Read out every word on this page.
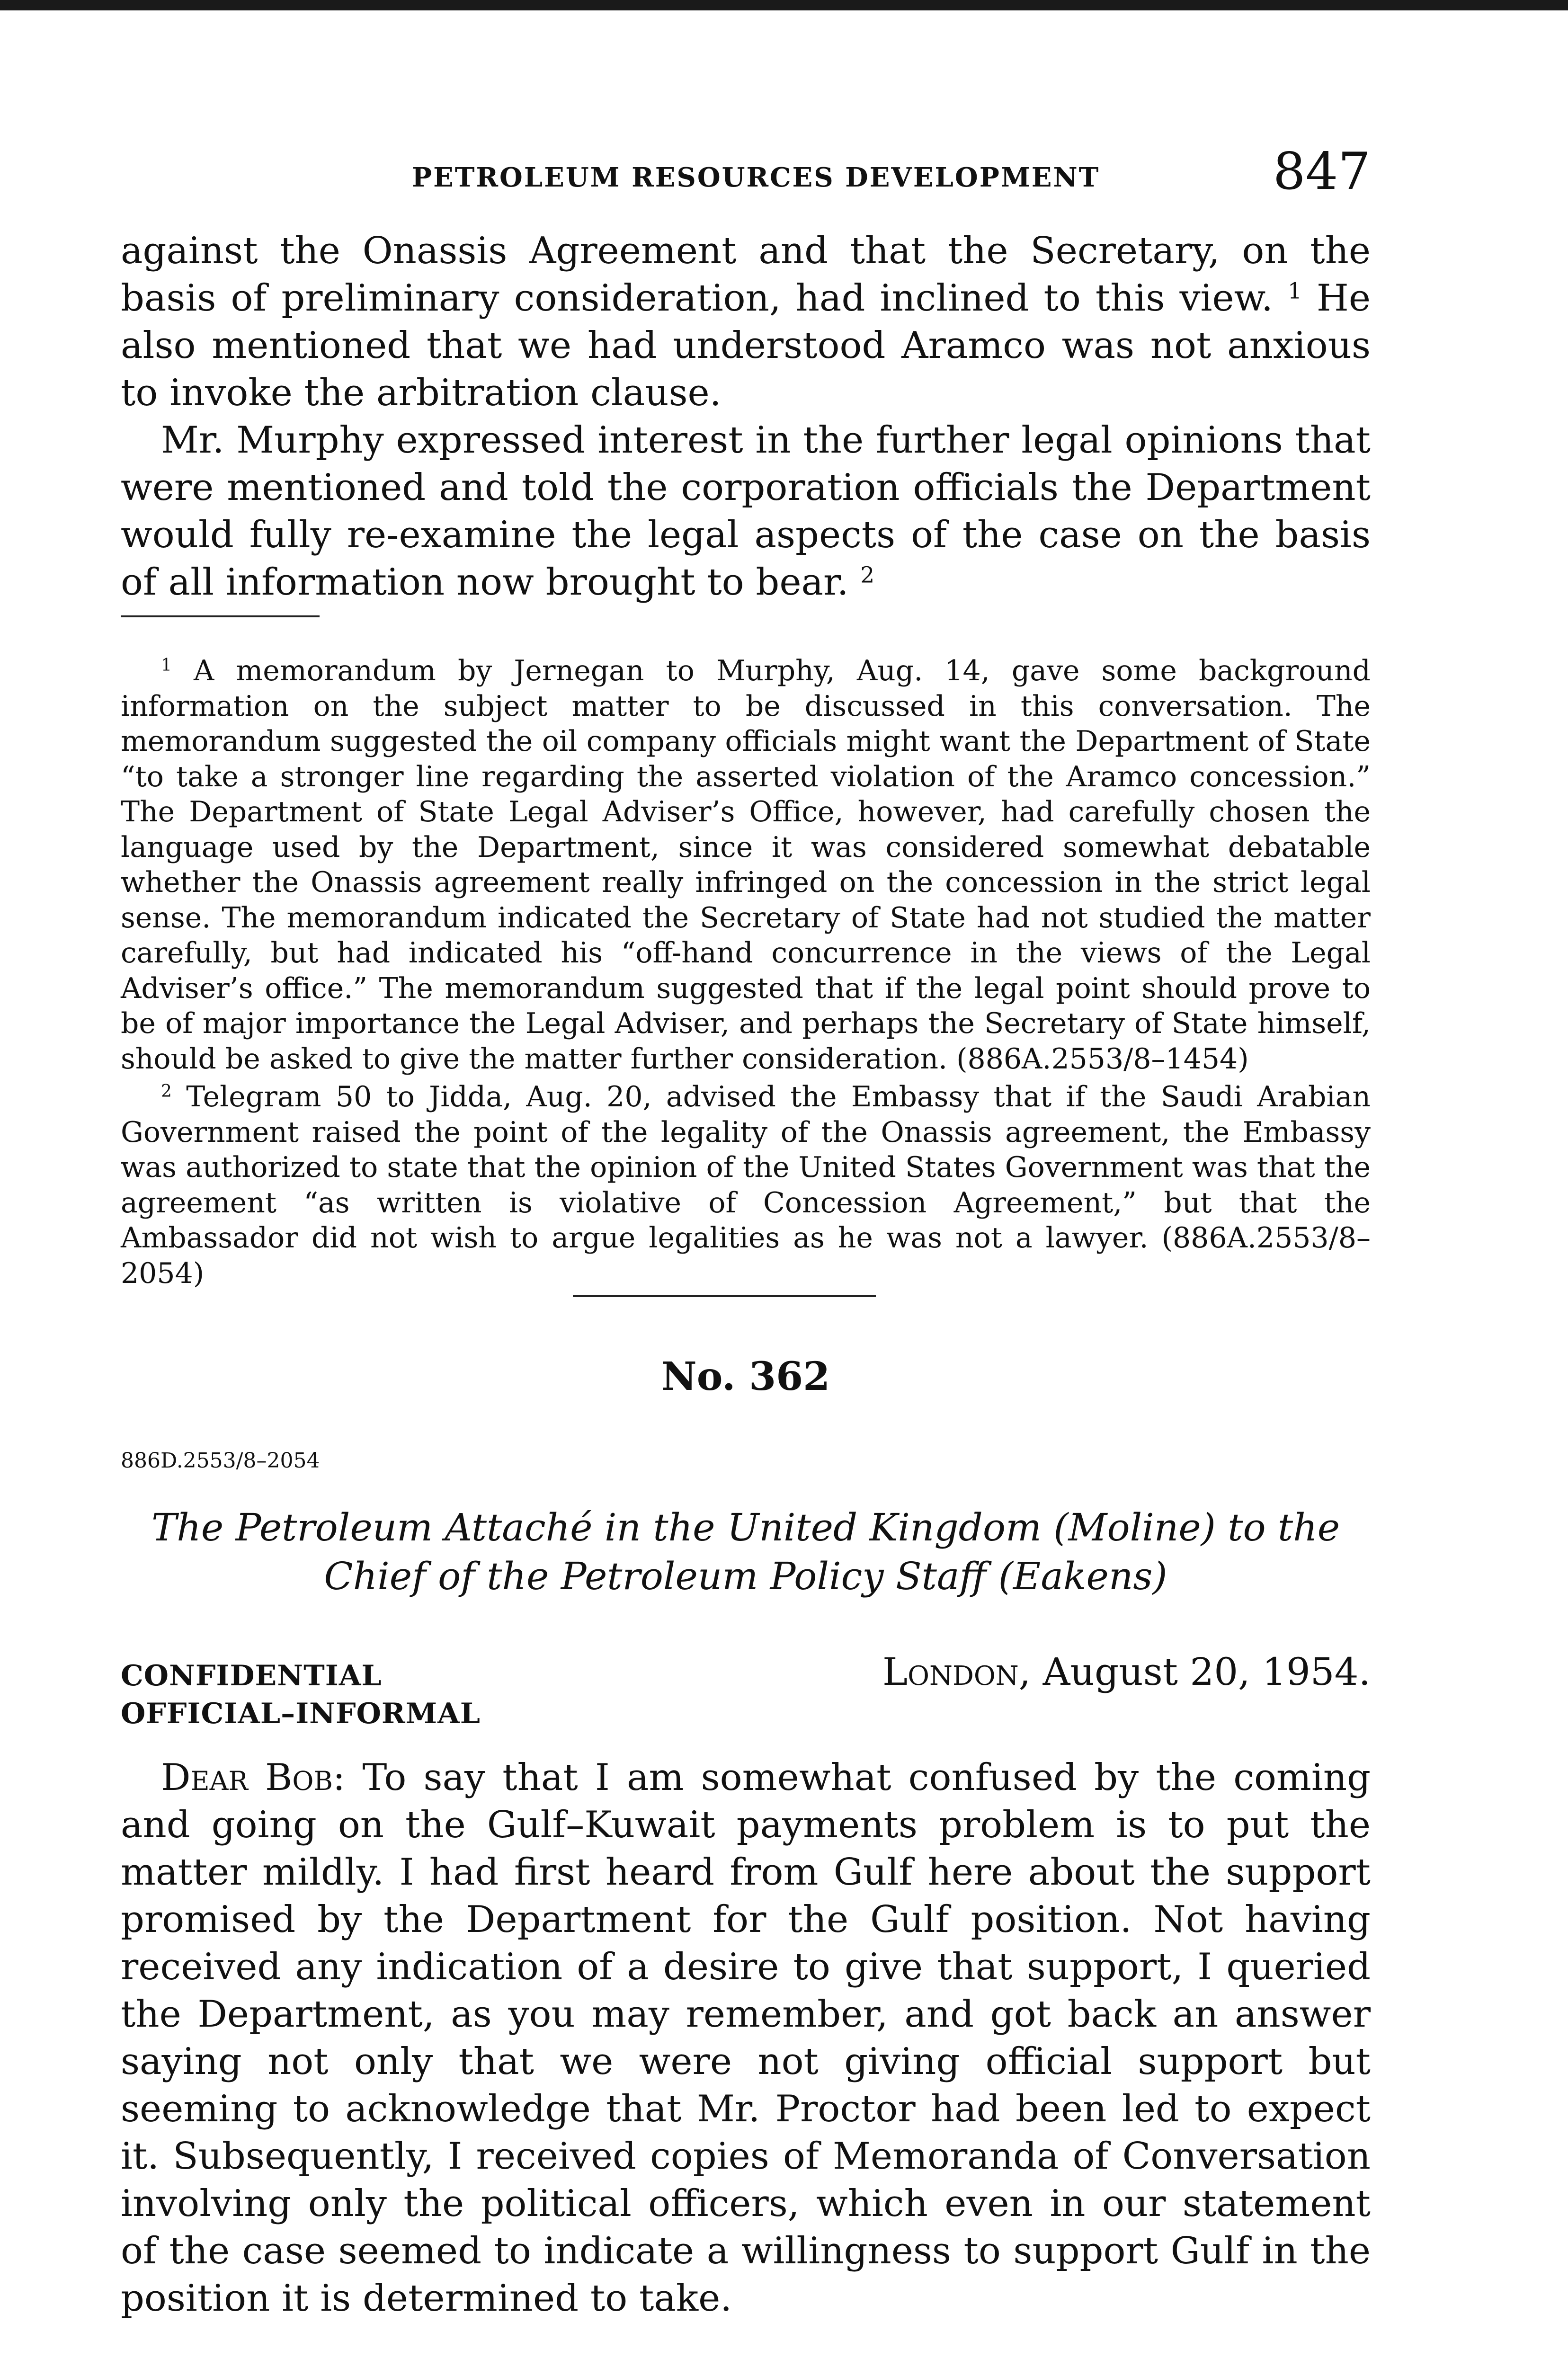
PETROLEUM RESOURCES DEVELOPMENT	847

against the Onassis Agreement and that the Secretary, on the basis of preliminary consideration, had inclined to this view. $^1$ He also mentioned that we had understood Aramco was not anxious to invoke the arbitration clause.

Mr. Murphy expressed interest in the further legal opinions that were mentioned and told the corporation officials the Department would fully re-examine the legal aspects of the case on the basis of all information now brought to bear. $^2$

$^1$ A memorandum by Jernegan to Murphy, Aug. 14, gave some background information on the subject matter to be discussed in this conversation. The memorandum suggested the oil company officials might want the Department of State “to take a stronger line regarding the asserted violation of the Aramco concession.” The Department of State Legal Adviser’s Office, however, had carefully chosen the language used by the Department, since it was considered somewhat debatable whether the Onassis agreement really infringed on the concession in the strict legal sense. The memorandum indicated the Secretary of State had not studied the matter carefully, but had indicated his “off-hand concurrence in the views of the Legal Adviser’s office.” The memorandum suggested that if the legal point should prove to be of major importance the Legal Adviser, and perhaps the Secretary of State himself, should be asked to give the matter further consideration. (886A.2553/8–1454)

$^2$ Telegram 50 to Jidda, Aug. 20, advised the Embassy that if the Saudi Arabian Government raised the point of the legality of the Onassis agreement, the Embassy was authorized to state that the opinion of the United States Government was that the agreement “as written is violative of Concession Agreement,” but that the Ambassador did not wish to argue legalities as he was not a lawyer. (886A.2553/8–2054)

No. 362
886D.2553/8–2054

The Petroleum Attaché in the United Kingdom (Moline) to the
Chief of the Petroleum Policy Staff (Eakens)

CONFIDENTIAL
OFFICIAL–INFORMAL
London, August 20, 1954.

Dear Bob: To say that I am somewhat confused by the coming and going on the Gulf–Kuwait payments problem is to put the matter mildly. I had first heard from Gulf here about the support promised by the Department for the Gulf position. Not having received any indication of a desire to give that support, I queried the Department, as you may remember, and got back an answer saying not only that we were not giving official support but seeming to acknowledge that Mr. Proctor had been led to expect it. Subsequently, I received copies of Memoranda of Conversation involving only the political officers, which even in our statement of the case seemed to indicate a willingness to support Gulf in the position it is determined to take.
